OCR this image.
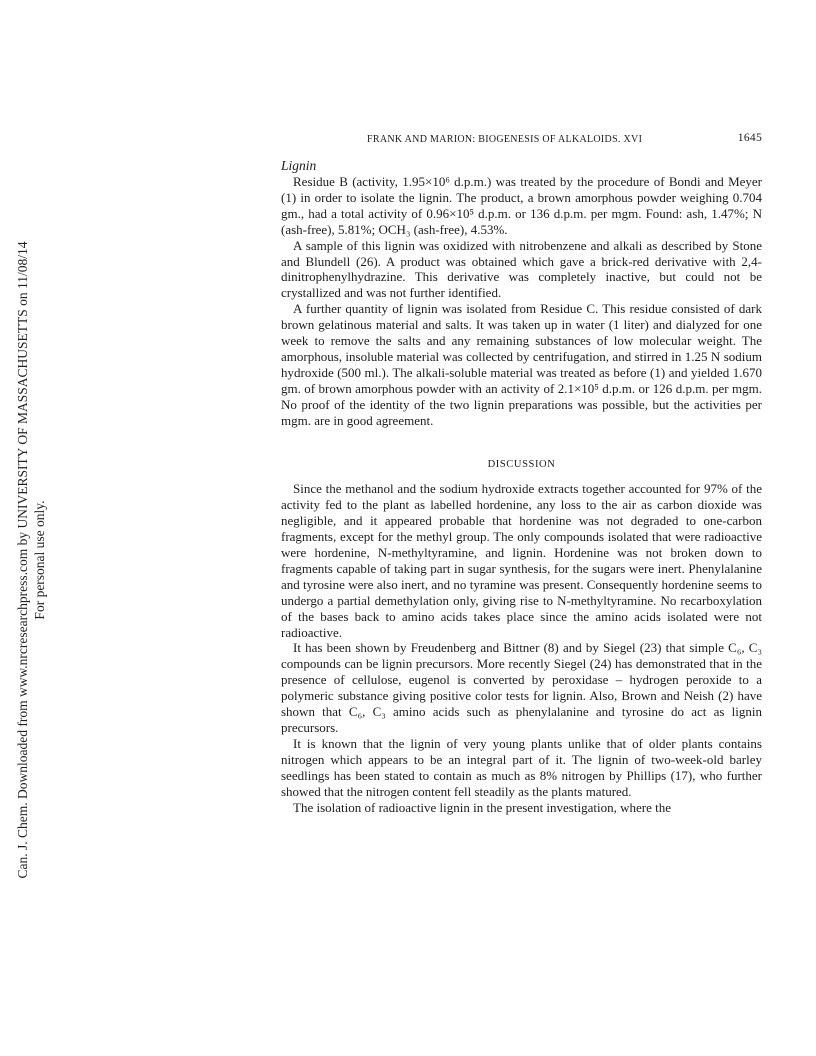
Can. J. Chem. Downloaded from www.nrcresearchpress.com by UNIVERSITY OF MASSACHUSETTS on 11/08/14 For personal use only.
FRANK AND MARION: BIOGENESIS OF ALKALOIDS. XVI	1645
Lignin

Residue B (activity, 1.95×10⁶ d.p.m.) was treated by the procedure of Bondi and Meyer (1) in order to isolate the lignin. The product, a brown amorphous powder weighing 0.704 gm., had a total activity of 0.96×10⁵ d.p.m. or 136 d.p.m. per mgm. Found: ash, 1.47%; N (ash-free), 5.81%; OCH₃ (ash-free), 4.53%.

A sample of this lignin was oxidized with nitrobenzene and alkali as described by Stone and Blundell (26). A product was obtained which gave a brick-red derivative with 2,4-dinitrophenylhydrazine. This derivative was completely inactive, but could not be crystallized and was not further identified.

A further quantity of lignin was isolated from Residue C. This residue consisted of dark brown gelatinous material and salts. It was taken up in water (1 liter) and dialyzed for one week to remove the salts and any remaining substances of low molecular weight. The amorphous, insoluble material was collected by centrifugation, and stirred in 1.25 N sodium hydroxide (500 ml.). The alkali-soluble material was treated as before (1) and yielded 1.670 gm. of brown amorphous powder with an activity of 2.1×10⁵ d.p.m. or 126 d.p.m. per mgm. No proof of the identity of the two lignin preparations was possible, but the activities per mgm. are in good agreement.

DISCUSSION

Since the methanol and the sodium hydroxide extracts together accounted for 97% of the activity fed to the plant as labelled hordenine, any loss to the air as carbon dioxide was negligible, and it appeared probable that hordenine was not degraded to one-carbon fragments, except for the methyl group. The only compounds isolated that were radioactive were hordenine, N-methyltyramine, and lignin. Hordenine was not broken down to fragments capable of taking part in sugar synthesis, for the sugars were inert. Phenylalanine and tyrosine were also inert, and no tyramine was present. Consequently hordenine seems to undergo a partial demethylation only, giving rise to N-methyltyramine. No recarboxylation of the bases back to amino acids takes place since the amino acids isolated were not radioactive.

It has been shown by Freudenberg and Bittner (8) and by Siegel (23) that simple C₆, C₃ compounds can be lignin precursors. More recently Siegel (24) has demonstrated that in the presence of cellulose, eugenol is converted by peroxidase – hydrogen peroxide to a polymeric substance giving positive color tests for lignin. Also, Brown and Neish (2) have shown that C₆, C₃ amino acids such as phenylalanine and tyrosine do act as lignin precursors.

It is known that the lignin of very young plants unlike that of older plants contains nitrogen which appears to be an integral part of it. The lignin of two-week-old barley seedlings has been stated to contain as much as 8% nitrogen by Phillips (17), who further showed that the nitrogen content fell steadily as the plants matured.

The isolation of radioactive lignin in the present investigation, where the
